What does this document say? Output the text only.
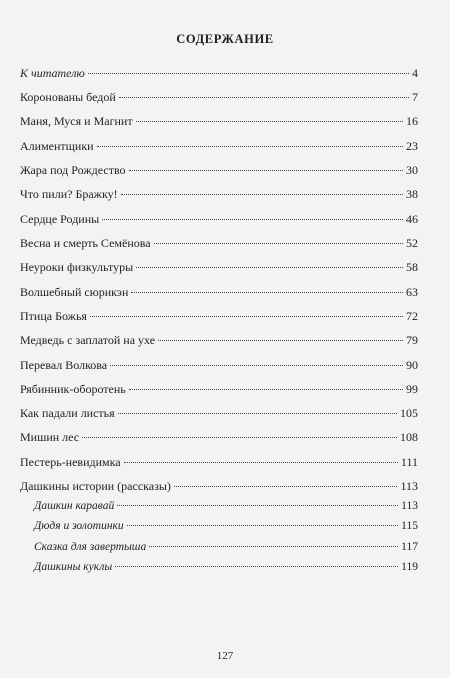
СОДЕРЖАНИЕ
К читателю	4
Коронованы бедой	7
Маня, Муся и Магнит	16
Алиментщики	23
Жара под Рождество	30
Что пили? Бражку!	38
Сердце Родины	46
Весна и смерть Семёнова	52
Неуроки физкультуры	58
Волшебный сюрикэн	63
Птица Божья	72
Медведь с заплатой на ухе	79
Перевал Волкова	90
Рябинник-оборотень	99
Как падали листья	105
Мишин лес	108
Пестерь-невидимка	111
Дашкины истории (рассказы)	113
Дашкин каравай	113
Дюдя и золотинки	115
Сказка для завертыша	117
Дашкины куклы	119
127
